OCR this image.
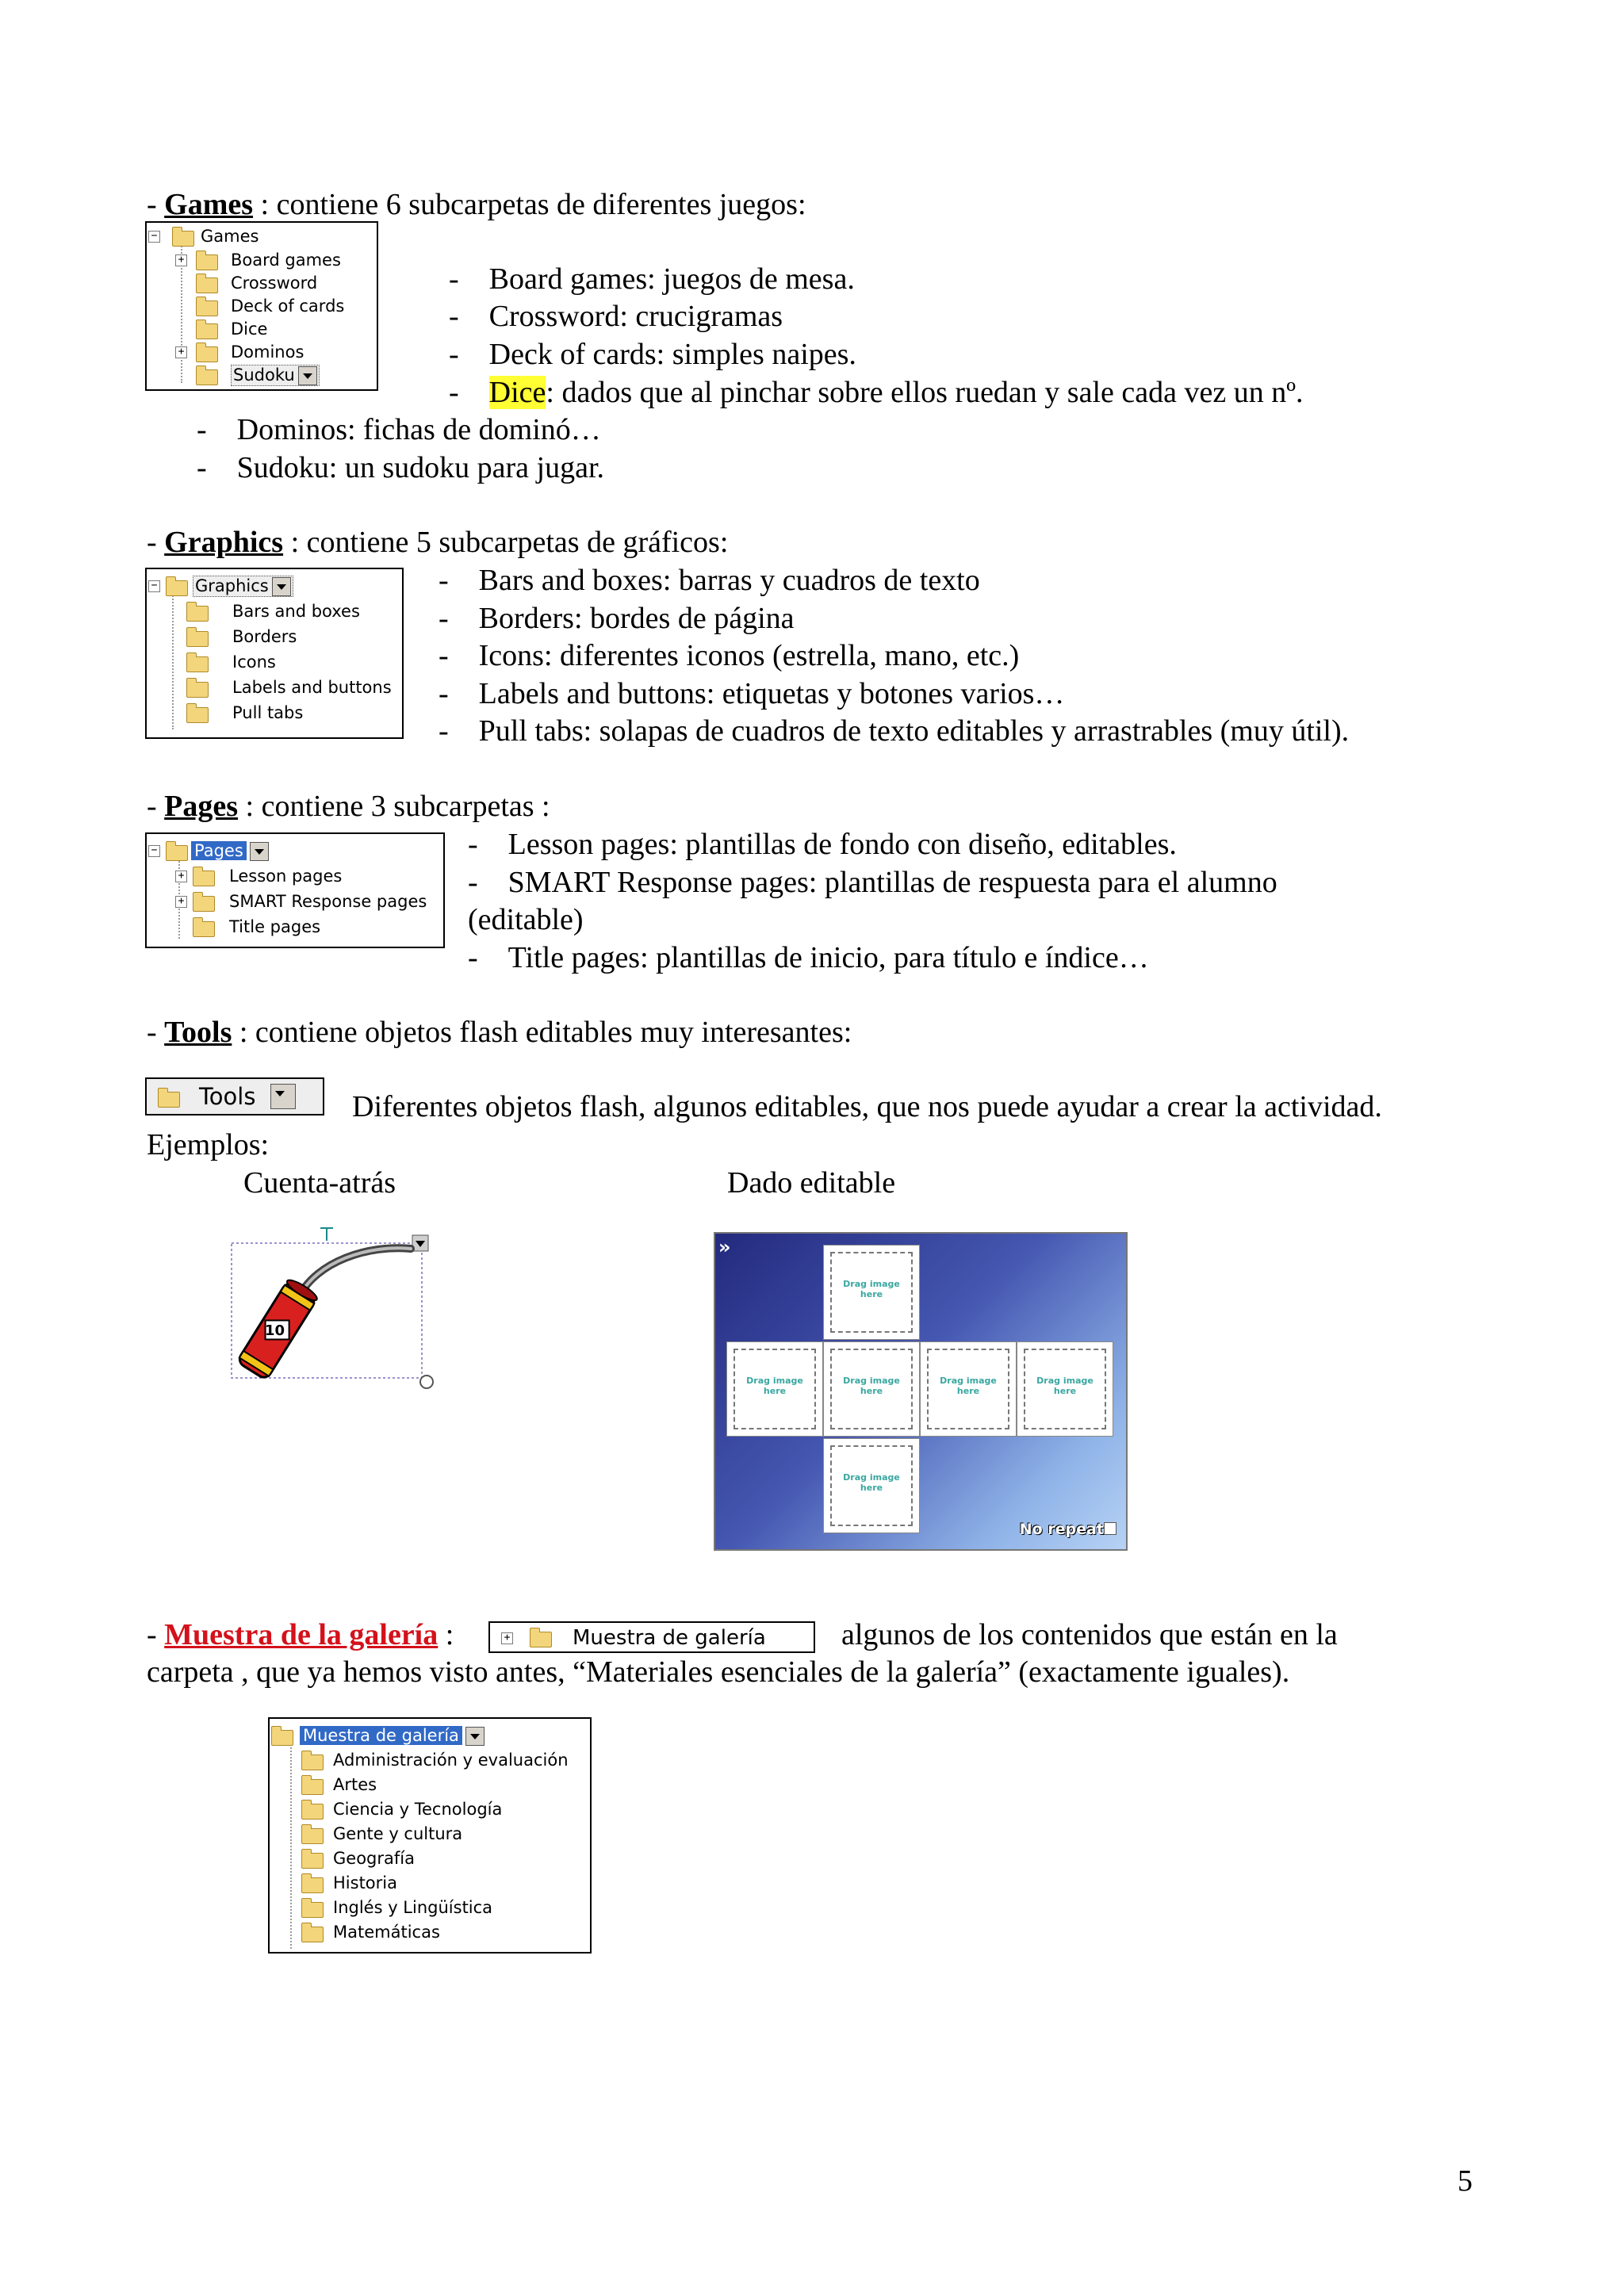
- Games : contiene 6 subcarpetas de diferentes juegos:
−	Games
+	Board games
Crossword
Deck of cards
Dice
+	Dominos
Sudoku
-    Board games: juegos de mesa.
-    Crossword: crucigramas
-    Deck of cards: simples naipes.
-    Dice: dados que al pinchar sobre ellos ruedan y sale cada vez un nº.
-    Dominos: fichas de dominó…
-    Sudoku: un sudoku para jugar.
- Graphics : contiene 5 subcarpetas de gráficos:
− Graphics
Bars and boxes
Borders
Icons
Labels and buttons
Pull tabs
-    Bars and boxes: barras y cuadros de texto
-    Borders: bordes de página
-    Icons: diferentes iconos (estrella, mano, etc.)
-    Labels and buttons: etiquetas y botones varios…
-    Pull tabs: solapas de cuadros de texto editables y arrastrables (muy útil).
- Pages : contiene 3 subcarpetas :
− Pages
+	Lesson pages
+	SMART Response pages
Title pages
-    Lesson pages: plantillas de fondo con diseño, editables.
-    SMART Response pages: plantillas de respuesta para el alumno
(editable)
-    Title pages: plantillas de inicio, para título e índice…
- Tools : contiene objetos flash editables muy interesantes:
Tools	Diferentes objetos flash, algunos editables, que nos puede ayudar a crear la actividad.
Ejemplos:
Cuenta-atrás	Dado editable
10
»
Drag image here
Drag image here
Drag image here
Drag image here
Drag image here
Drag image here
No repeat
- Muestra de la galería :	+	Muestra de galería	algunos de los contenidos que están en la
carpeta , que ya hemos visto antes, “Materiales esenciales de la galería” (exactamente iguales).
Muestra de galería
Administración y evaluación
Artes
Ciencia y Tecnología
Gente y cultura
Geografía
Historia
Inglés y Lingüística
Matemáticas
5
